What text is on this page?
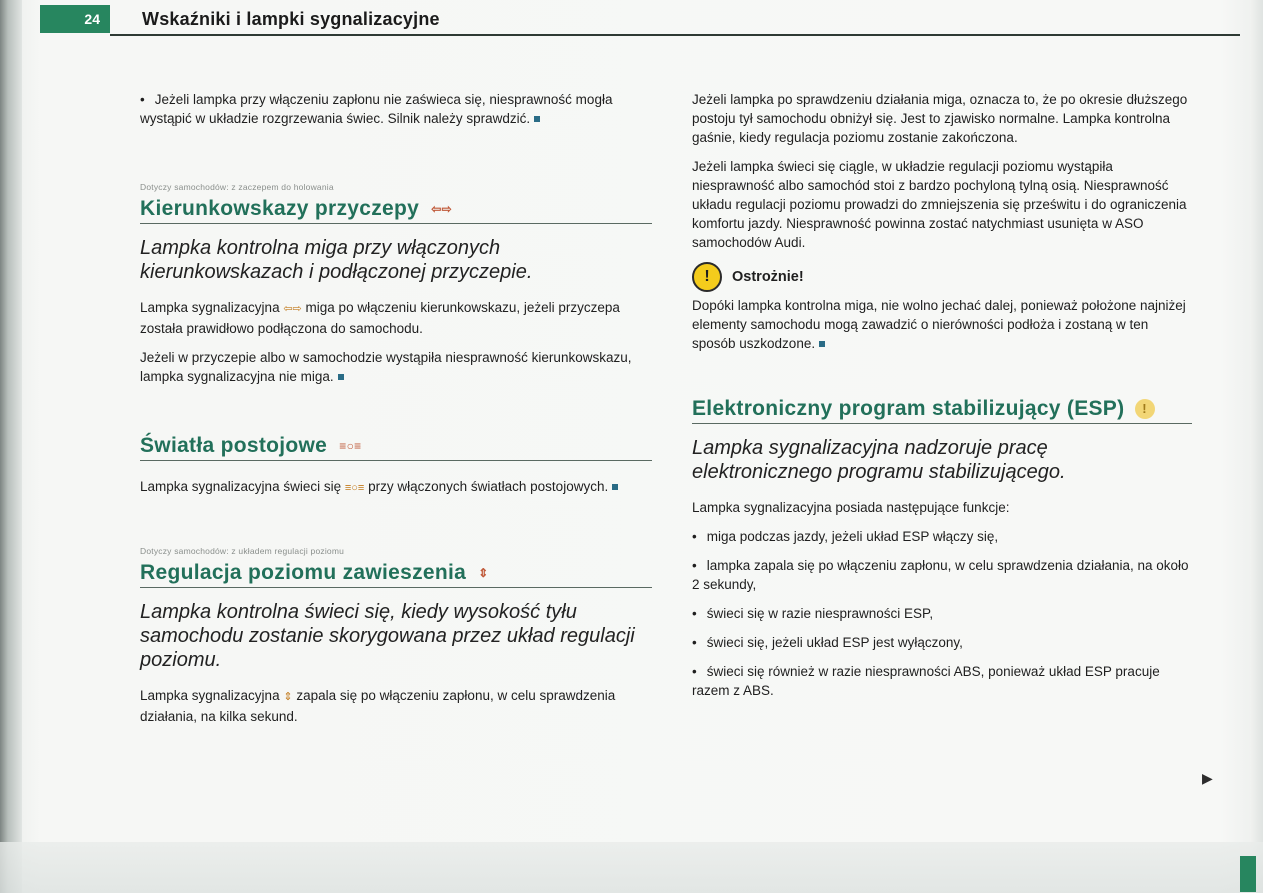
24	Wskaźniki i lampki sygnalizacyjne

• Jeżeli lampka przy włączeniu zapłonu nie zaświeca się, niesprawność mogła wystąpić w układzie rozgrzewania świec. Silnik należy sprawdzić.

Dotyczy samochodów: z zaczepem do holowania
Kierunkowskazy przyczepy ⇦⇨
Lampka kontrolna miga przy włączonych kierunkowskazach i podłączonej przyczepie.

Lampka sygnalizacyjna ⇦⇨ miga po włączeniu kierunkowskazu, jeżeli przyczepa została prawidłowo podłączona do samochodu.

Jeżeli w przyczepie albo w samochodzie wystąpiła niesprawność kierunkowskazu, lampka sygnalizacyjna nie miga.

Światła postojowe ≡○≡

Lampka sygnalizacyjna świeci się ≡○≡ przy włączonych światłach postojowych.

Dotyczy samochodów: z układem regulacji poziomu
Regulacja poziomu zawieszenia ⇕
Lampka kontrolna świeci się, kiedy wysokość tyłu samochodu zostanie skorygowana przez układ regulacji poziomu.

Lampka sygnalizacyjna ⇕ zapala się po włączeniu zapłonu, w celu sprawdzenia działania, na kilka sekund.

Jeżeli lampka po sprawdzeniu działania miga, oznacza to, że po okresie dłuższego postoju tył samochodu obniżył się. Jest to zjawisko normalne. Lampka kontrolna gaśnie, kiedy regulacja poziomu zostanie zakończona.

Jeżeli lampka świeci się ciągle, w układzie regulacji poziomu wystąpiła niesprawność albo samochód stoi z bardzo pochyloną tylną osią. Niesprawność układu regulacji poziomu prowadzi do zmniejszenia się prześwitu i do ograniczenia komfortu jazdy. Niesprawność powinna zostać natychmiast usunięta w ASO samochodów Audi.

!	Ostrożnie!

Dopóki lampka kontrolna miga, nie wolno jechać dalej, ponieważ położone najniżej elementy samochodu mogą zawadzić o nierówności podłoża i zostaną w ten sposób uszkodzone.

Elektroniczny program stabilizujący (ESP) !
Lampka sygnalizacyjna nadzoruje pracę elektronicznego programu stabilizującego.

Lampka sygnalizacyjna posiada następujące funkcje:

• miga podczas jazdy, jeżeli układ ESP włączy się,

• lampka zapala się po włączeniu zapłonu, w celu sprawdzenia działania, na około 2 sekundy,

• świeci się w razie niesprawności ESP,

• świeci się, jeżeli układ ESP jest wyłączony,

• świeci się również w razie niesprawności ABS, ponieważ układ ESP pracuje razem z ABS.

▶
